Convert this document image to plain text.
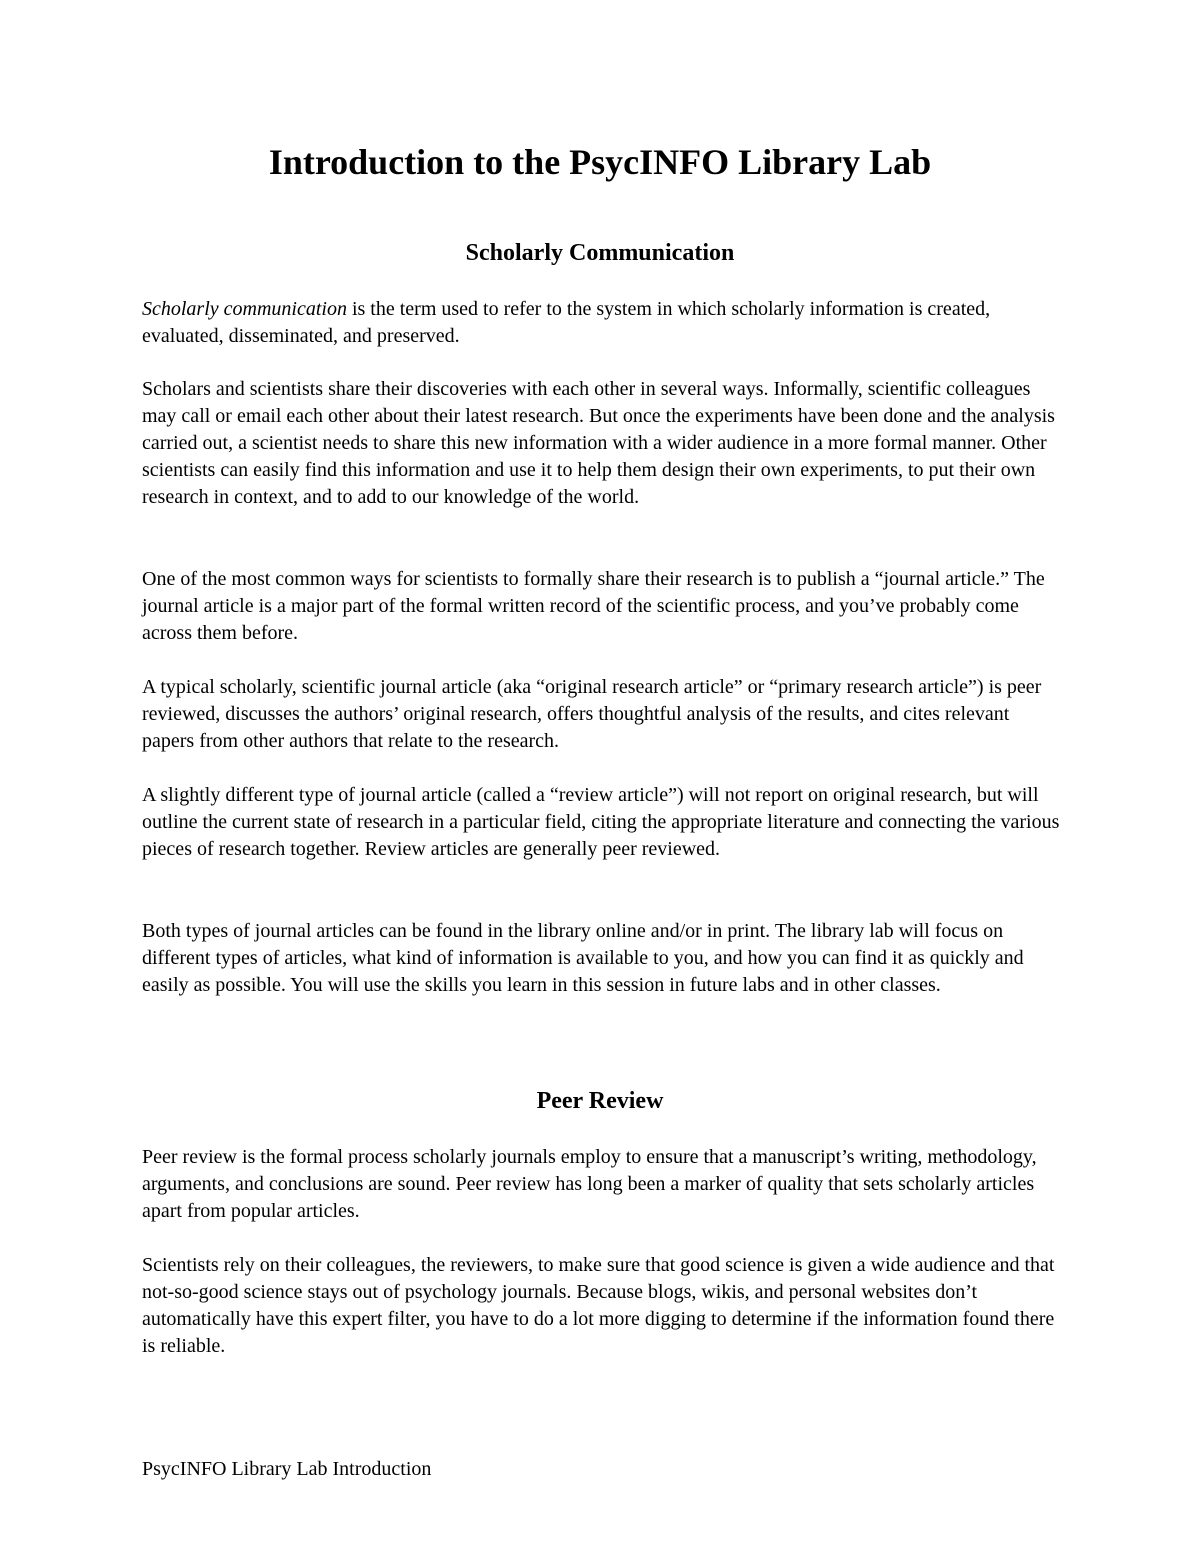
Introduction to the PsycINFO Library Lab
Scholarly Communication

Scholarly communication is the term used to refer to the system in which scholarly information is created, evaluated, disseminated, and preserved.

Scholars and scientists share their discoveries with each other in several ways. Informally, scientific colleagues may call or email each other about their latest research. But once the experiments have been done and the analysis carried out, a scientist needs to share this new information with a wider audience in a more formal manner. Other scientists can easily find this information and use it to help them design their own experiments, to put their own research in context, and to add to our knowledge of the world.

One of the most common ways for scientists to formally share their research is to publish a “journal article.” The journal article is a major part of the formal written record of the scientific process, and you’ve probably come across them before.

A typical scholarly, scientific journal article (aka “original research article” or “primary research article”) is peer reviewed, discusses the authors’ original research, offers thoughtful analysis of the results, and cites relevant papers from other authors that relate to the research.

A slightly different type of journal article (called a “review article”) will not report on original research, but will outline the current state of research in a particular field, citing the appropriate literature and connecting the various pieces of research together. Review articles are generally peer reviewed.

Both types of journal articles can be found in the library online and/or in print. The library lab will focus on different types of articles, what kind of information is available to you, and how you can find it as quickly and easily as possible. You will use the skills you learn in this session in future labs and in other classes.

Peer Review

Peer review is the formal process scholarly journals employ to ensure that a manuscript’s writing, methodology, arguments, and conclusions are sound. Peer review has long been a marker of quality that sets scholarly articles apart from popular articles.

Scientists rely on their colleagues, the reviewers, to make sure that good science is given a wide audience and that not-so-good science stays out of psychology journals. Because blogs, wikis, and personal websites don’t automatically have this expert filter, you have to do a lot more digging to determine if the information found there is reliable.

PsycINFO Library Lab Introduction
